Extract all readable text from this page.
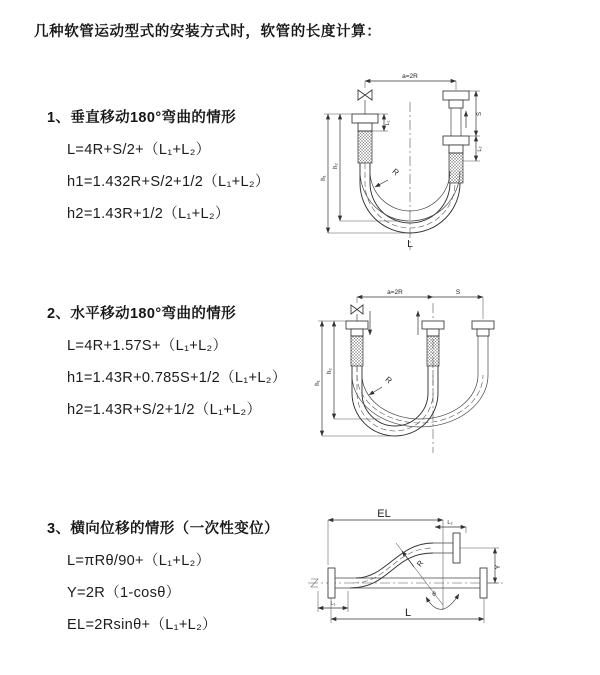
几种软管运动型式的安装方式时，软管的长度计算：
1、垂直移动180°弯曲的情形
L=4R+S/2+（L₁+L₂）
h1=1.432R+S/2+1/2（L₁+L₂）
h2=1.43R+1/2（L₁+L₂）
2、水平移动180°弯曲的情形
L=4R+1.57S+（L₁+L₂）
h1=1.43R+0.785S+1/2（L₁+L₂）
h2=1.43R+S/2+1/2（L₁+L₂）
3、横向位移的情形（一次性变位）
L=πRθ/90+（L₁+L₂）
Y=2R（1-cosθ）
EL=2Rsinθ+（L₁+L₂）
a=2R
h₁
h₂
L₁
S
L₂
R
L
a=2R	S
h₁
h₂
R
R
θ
EL
L₂
Y
L₁
L
